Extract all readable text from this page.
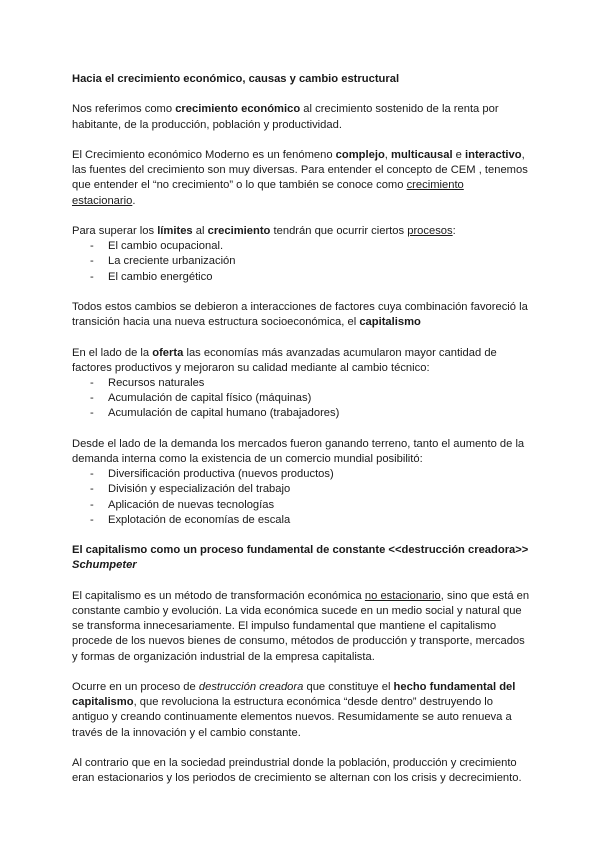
Hacia el crecimiento económico, causas y cambio estructural

Nos referimos como crecimiento económico al crecimiento sostenido de la renta por habitante, de la producción, población y productividad.

El Crecimiento económico Moderno es un fenómeno complejo, multicausal e interactivo, las fuentes del crecimiento son muy diversas. Para entender el concepto de CEM , tenemos que entender el “no crecimiento” o lo que también se conoce como crecimiento estacionario.

Para superar los límites al crecimiento tendrán que ocurrir ciertos procesos:

- El cambio ocupacional.
- La creciente urbanización
- El cambio energético

Todos estos cambios se debieron a interacciones de factores cuya combinación favoreció la transición hacia una nueva estructura socioeconómica, el capitalismo

En el lado de la oferta las economías más avanzadas acumularon mayor cantidad de factores productivos y mejoraron su calidad mediante al cambio técnico:

- Recursos naturales
- Acumulación de capital físico (máquinas)
- Acumulación de capital humano (trabajadores)

Desde el lado de la demanda los mercados fueron ganando terreno, tanto el aumento de la demanda interna como la existencia de un comercio mundial posibilitó:

- Diversificación productiva (nuevos productos)
- División y especialización del trabajo
- Aplicación de nuevas tecnologías
- Explotación de economías de escala
El capitalismo como un proceso fundamental de constante <<destrucción creadora>> Schumpeter

El capitalismo es un método de transformación económica no estacionario, sino que está en constante cambio y evolución. La vida económica sucede en un medio social y natural que se transforma innecesariamente. El impulso fundamental que mantiene el capitalismo procede de los nuevos bienes de consumo, métodos de producción y transporte, mercados y formas de organización industrial de la empresa capitalista.

Ocurre en un proceso de destrucción creadora que constituye el hecho fundamental del capitalismo, que revoluciona la estructura económica “desde dentro” destruyendo lo antiguo y creando continuamente elementos nuevos. Resumidamente se auto renueva a través de la innovación y el cambio constante.

Al contrario que en la sociedad preindustrial donde la población, producción y crecimiento eran estacionarios y los periodos de crecimiento se alternan con los crisis y decrecimiento.
